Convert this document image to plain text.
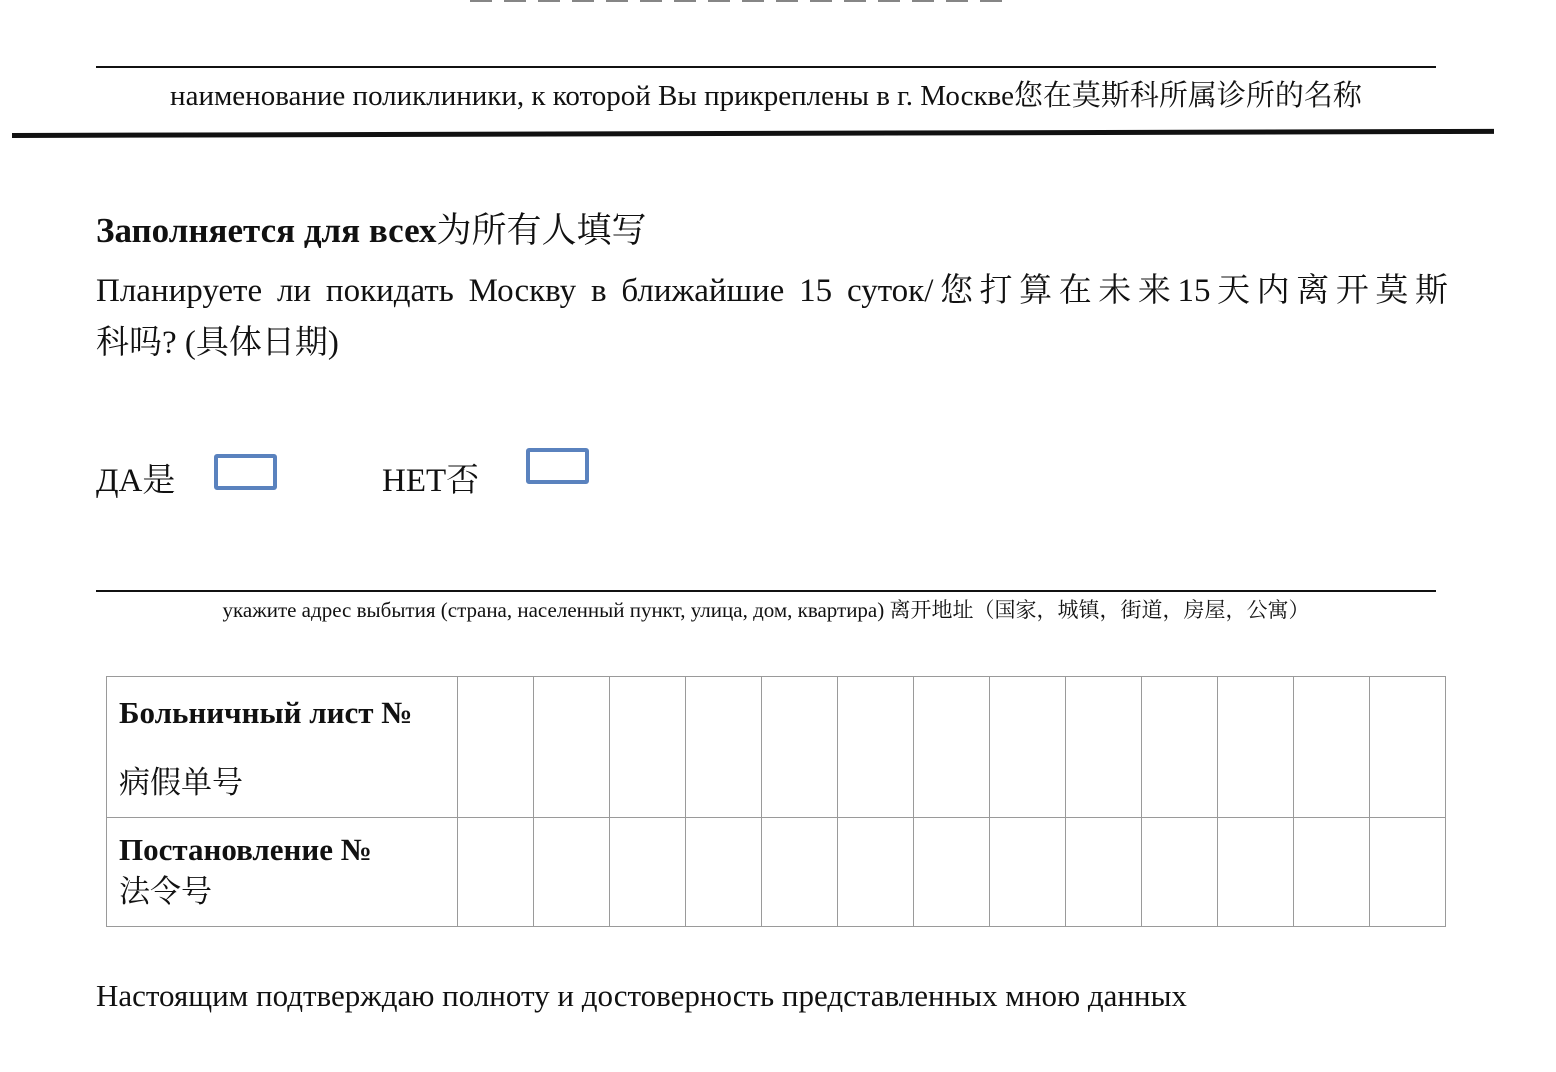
наименование поликлиники, к которой Вы прикреплены в г. Москве您在莫斯科所属诊所的名称
Заполняется для всех为所有人填写
Планируете ли покидать Москву в ближайшие 15 суток/您打算在未来15天内离开莫斯
科吗? (具体日期)
ДА是	НЕТ否
укажите адрес выбытия (страна, населенный пункт, улица, дом, квартира) 离开地址（国家，城镇，街道，房屋，公寓）
Больничный лист №
病假单号													

Постановление №
法令号													

Настоящим подтверждаю полноту и достоверность представленных мною данных
